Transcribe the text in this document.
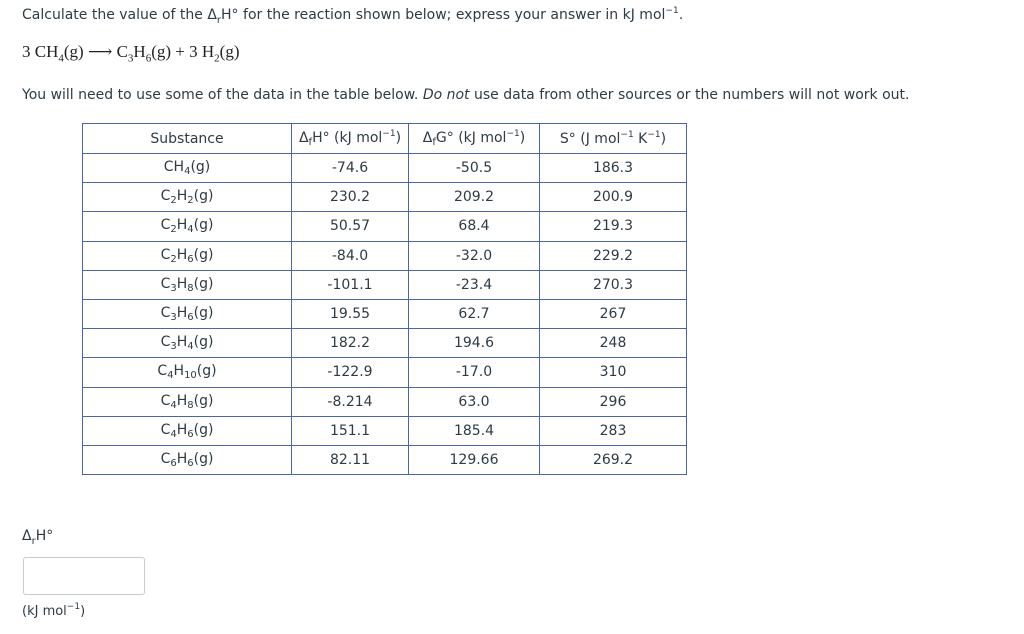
Calculate the value of the $\Delta_rH^\circ$ for the reaction shown below; express your answer in kJ mol$^{-1}$.
3 $CH_4(g)$ ⟶ $C_3H_6(g) + 3$ $H_2(g)$
You will need to use some of the data in the table below. Do not use data from other sources or the numbers will not work out.
Substance	$\Delta_fH^\circ$ (kJ mol$^{-1}$)	$\Delta_fG^\circ$ (kJ mol$^{-1}$)	S° (J mol$^{-1}$ $K^{-1}$)
$CH_4(g)$	-74.6	-50.5	186.3
$C_2H_2(g)$	230.2	209.2	200.9
$C_2H_4(g)$	50.57	68.4	219.3
$C_2H_6(g)$	-84.0	-32.0	229.2
$C_3H_8(g)$	-101.1	-23.4	270.3
$C_3H_6(g)$	19.55	62.7	267
$C_3H_4(g)$	182.2	194.6	248
$C_4H_{10}(g)$	-122.9	-17.0	310
$C_4H_8(g)$	-8.214	63.0	296
$C_4H_6(g)$	151.1	185.4	283
$C_6H_6(g)$	82.11	129.66	269.2
$\Delta_rH^\circ$
(kJ mol$^{-1}$)
